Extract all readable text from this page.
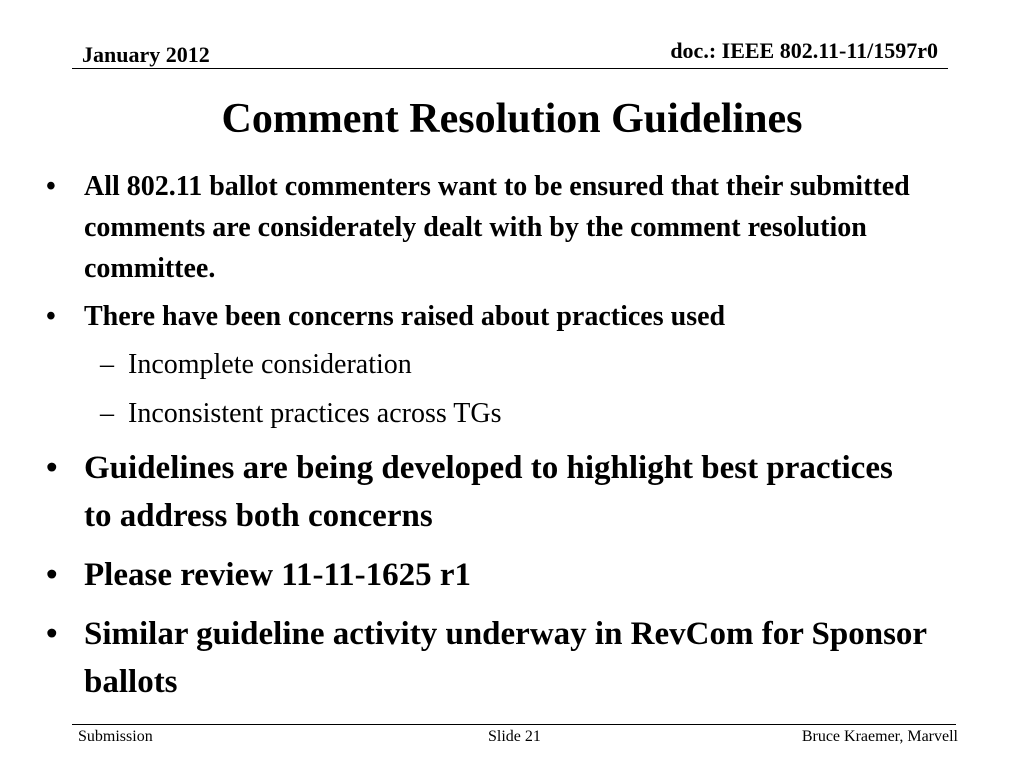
January 2012	doc.: IEEE 802.11-11/1597r0
Comment Resolution Guidelines
• All 802.11 ballot commenters want to be ensured that their submitted comments are considerately dealt with by the comment resolution committee.
• There have been concerns raised about practices used
– Incomplete consideration
– Inconsistent practices across TGs
• Guidelines are being developed to highlight best practices to address both concerns
• Please review 11-11-1625 r1
• Similar guideline activity underway in RevCom for Sponsor ballots
Submission	Slide 21	Bruce Kraemer, Marvell
